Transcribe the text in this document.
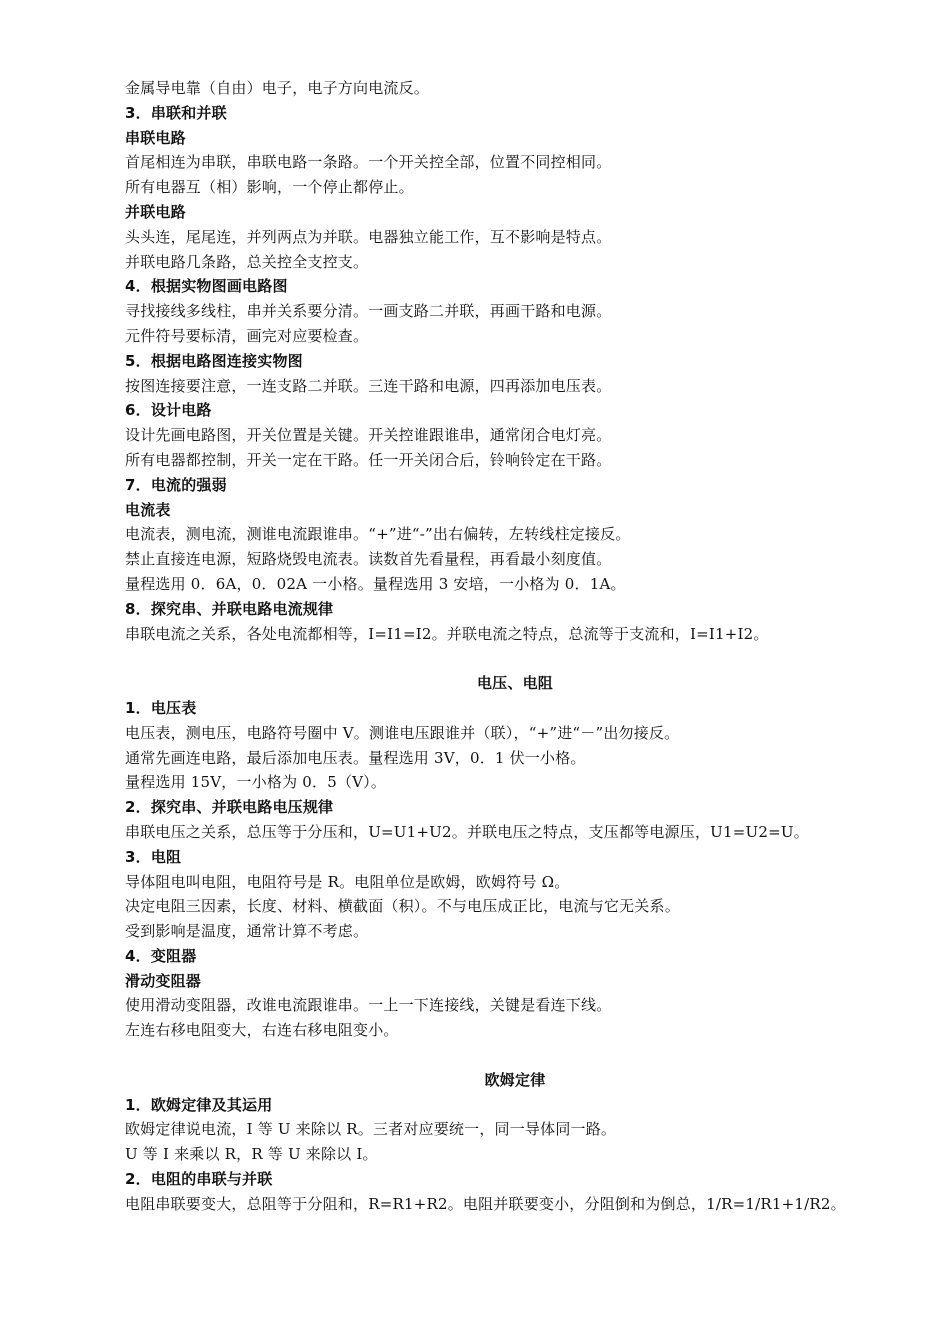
金属导电靠（自由）电子，电子方向电流反。
3．串联和并联
串联电路
首尾相连为串联，串联电路一条路。一个开关控全部，位置不同控相同。
所有电器互（相）影响，一个停止都停止。
并联电路
头头连，尾尾连，并列两点为并联。电器独立能工作，互不影响是特点。
并联电路几条路，总关控全支控支。
4．根据实物图画电路图
寻找接线多线柱，串并关系要分清。一画支路二并联，再画干路和电源。
元件符号要标清，画完对应要检查。
5．根据电路图连接实物图
按图连接要注意，一连支路二并联。三连干路和电源，四再添加电压表。
6．设计电路
设计先画电路图，开关位置是关键。开关控谁跟谁串，通常闭合电灯亮。
所有电器都控制，开关一定在干路。任一开关闭合后，铃响铃定在干路。
7．电流的强弱
电流表
电流表，测电流，测谁电流跟谁串。“+”进“-”出右偏转，左转线柱定接反。
禁止直接连电源，短路烧毁电流表。读数首先看量程，再看最小刻度值。
量程选用 0．6A，0．02A 一小格。量程选用 3 安培，一小格为 0．1A。
8．探究串、并联电路电流规律
串联电流之关系，各处电流都相等，I=I1=I2。并联电流之特点，总流等于支流和，I=I1+I2。
电压、电阻
1．电压表
电压表，测电压，电路符号圈中 V。测谁电压跟谁并（联），“+”进“－”出勿接反。
通常先画连电路，最后添加电压表。量程选用 3V，0．1 伏一小格。
量程选用 15V，一小格为 0．5（V）。
2．探究串、并联电路电压规律
串联电压之关系，总压等于分压和，U=U1+U2。并联电压之特点，支压都等电源压，U1=U2=U。
3．电阻
导体阻电叫电阻，电阻符号是 R。电阻单位是欧姆，欧姆符号 Ω。
决定电阻三因素，长度、材料、横截面（积）。不与电压成正比，电流与它无关系。
受到影响是温度，通常计算不考虑。
4．变阻器
滑动变阻器
使用滑动变阻器，改谁电流跟谁串。一上一下连接线，关键是看连下线。
左连右移电阻变大，右连右移电阻变小。
欧姆定律
1．欧姆定律及其运用
欧姆定律说电流，I 等 U 来除以 R。三者对应要统一，同一导体同一路。
U 等 I 来乘以 R，R 等 U 来除以 I。
2．电阻的串联与并联
电阻串联要变大，总阻等于分阻和，R=R1+R2。电阻并联要变小，分阻倒和为倒总，1/R=1/R1+1/R2。
